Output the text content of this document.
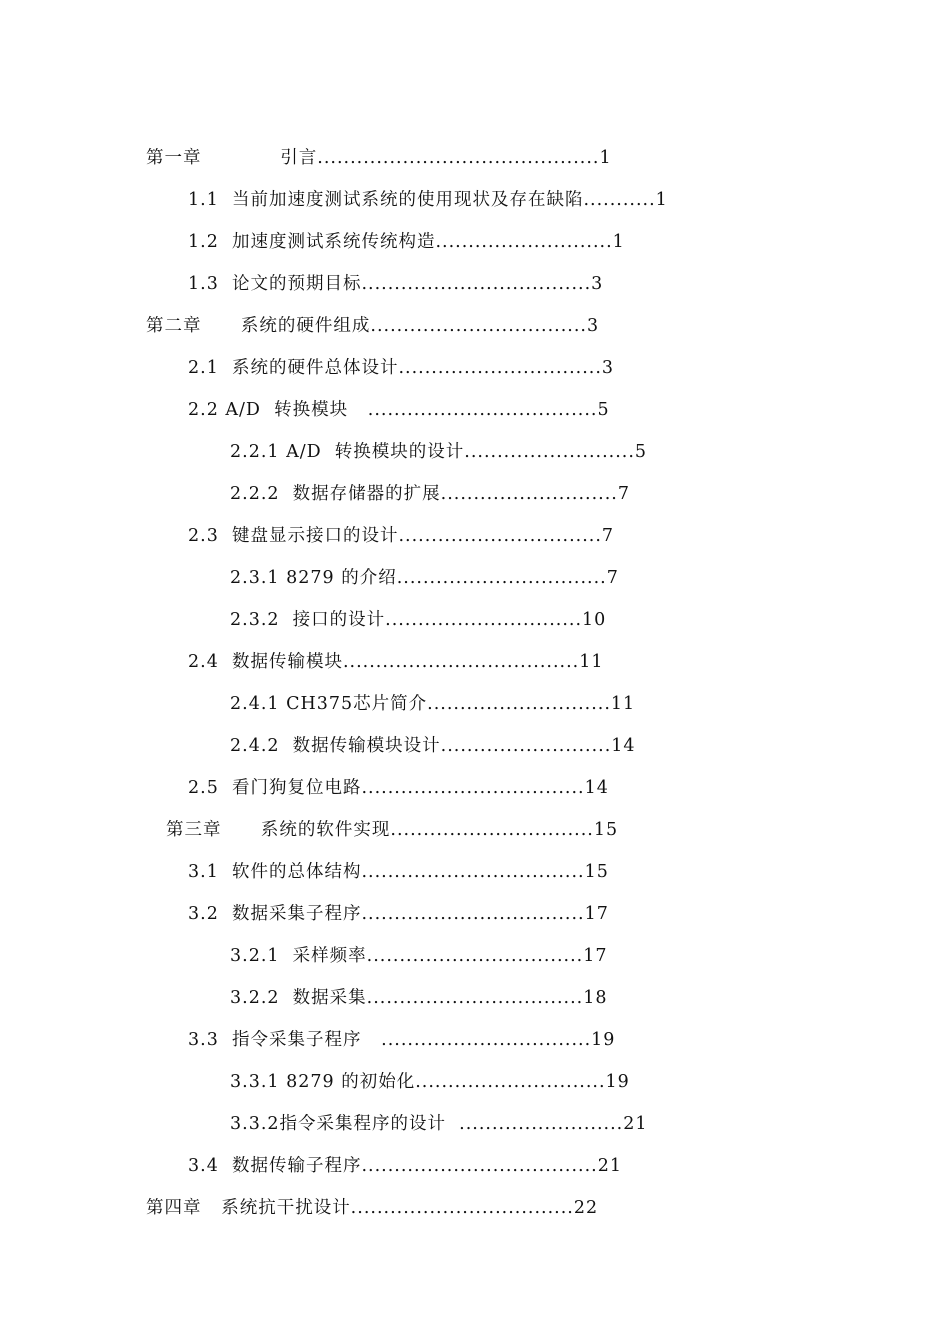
第一章            引言...........................................1
1.1  当前加速度测试系统的使用现状及存在缺陷...........1
1.2  加速度测试系统传统构造...........................1
1.3  论文的预期目标...................................3
第二章      系统的硬件组成.................................3
2.1  系统的硬件总体设计...............................3
2.2 A/D  转换模块   ...................................5
2.2.1 A/D  转换模块的设计..........................5
2.2.2  数据存储器的扩展...........................7
2.3  键盘显示接口的设计...............................7
2.3.1 8279 的介绍................................7
2.3.2  接口的设计..............................10
2.4  数据传输模块....................................11
2.4.1 CH375芯片简介............................11
2.4.2  数据传输模块设计..........................14
2.5  看门狗复位电路..................................14
第三章      系统的软件实现...............................15
3.1  软件的总体结构..................................15
3.2  数据采集子程序..................................17
3.2.1  采样频率.................................17
3.2.2  数据采集.................................18
3.3  指令采集子程序   ................................19
3.3.1 8279 的初始化.............................19
3.3.2指令采集程序的设计  .........................21
3.4  数据传输子程序....................................21
第四章   系统抗干扰设计..................................22
